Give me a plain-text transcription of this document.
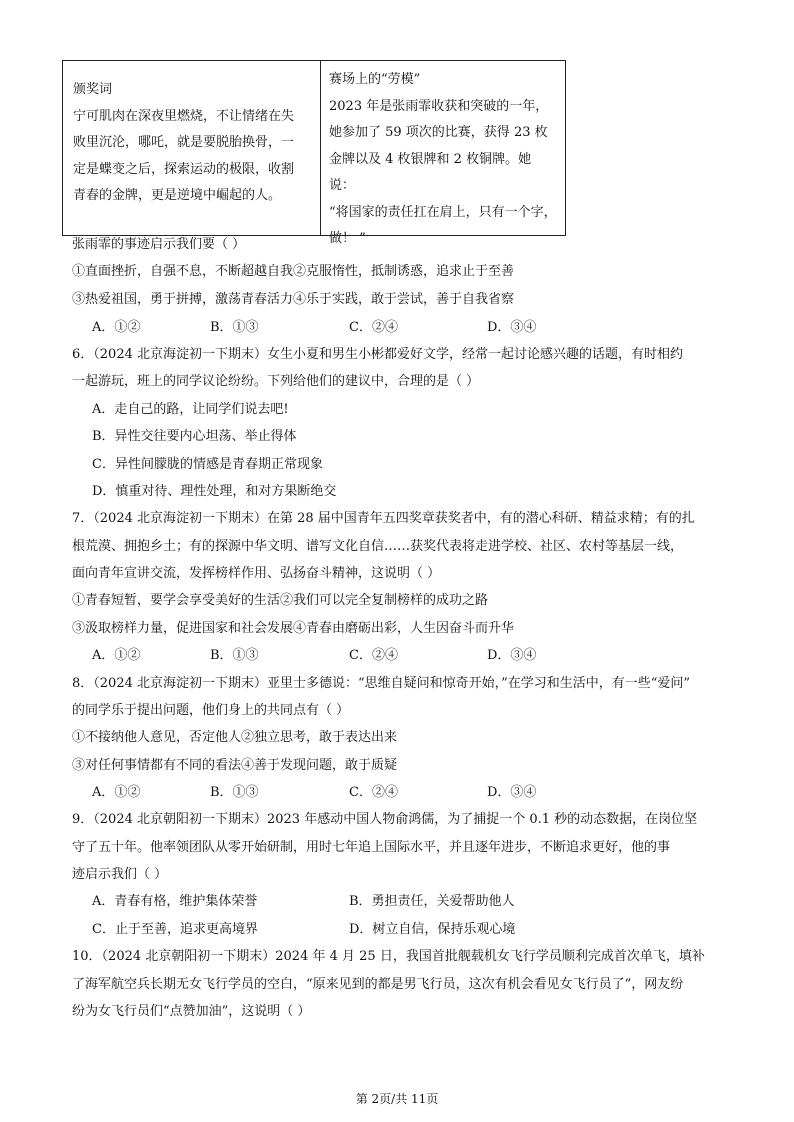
颁奖词

宁可肌肉在深夜里燃烧，不让情绪在失

败里沉沦，哪吒，就是要脱胎换骨，一

定是蝶变之后，探索运动的极限，收割

青春的金牌，更是逆境中崛起的人。

赛场上的“劳模”

2023 年是张雨霏收获和突破的一年，

她参加了 59 项次的比赛，获得 23 枚

金牌以及 4 枚银牌和 2 枚铜牌。她说：

“将国家的责任扛在肩上，只有一个字，

做！ ”

张雨霏的事迹启示我们要（ ）
①直面挫折，自强不息，不断超越自我②克服惰性，抵制诱惑，追求止于至善
③热爱祖国，勇于拼搏，激荡青春活力④乐于实践，敢于尝试，善于自我省察
A．①②	B．①③	C．②④	D．③④
6．（2024 北京海淀初一下期末）女生小夏和男生小彬都爱好文学，经常一起讨论感兴趣的话题，有时相约
一起游玩，班上的同学议论纷纷。下列给他们的建议中，合理的是（ ）
A．走自己的路，让同学们说去吧!
B．异性交往要内心坦荡、举止得体
C．异性间朦胧的情感是青春期正常现象
D．慎重对待、理性处理，和对方果断绝交
7．（2024 北京海淀初一下期末）在第 28 届中国青年五四奖章获奖者中，有的潜心科研、精益求精；有的扎
根荒漠、拥抱乡土；有的探源中华文明、谱写文化自信……获奖代表将走进学校、社区、农村等基层一线，
面向青年宣讲交流，发挥榜样作用、弘扬奋斗精神，这说明（ ）
①青春短暂，要学会享受美好的生活②我们可以完全复制榜样的成功之路
③汲取榜样力量，促进国家和社会发展④青春由磨砺出彩，人生因奋斗而升华
A．①②	B．①③	C．②④	D．③④
8．（2024 北京海淀初一下期末）亚里士多德说：“思维自疑问和惊奇开始，”在学习和生活中，有一些“爱问”
的同学乐于提出问题，他们身上的共同点有（ ）
①不接纳他人意见，否定他人②独立思考，敢于表达出来
③对任何事情都有不同的看法④善于发现问题，敢于质疑
A．①②	B．①③	C．②④	D．③④
9．（2024 北京朝阳初一下期末）2023 年感动中国人物俞鸿儒，为了捕捉一个 0.1 秒的动态数据，在岗位坚
守了五十年。他率领团队从零开始研制，用时七年追上国际水平，并且逐年进步，不断追求更好，他的事
迹启示我们（ ）
A．青春有格，维护集体荣誉	B．勇担责任，关爱帮助他人
C．止于至善，追求更高境界	D．树立自信，保持乐观心境
10．（2024 北京朝阳初一下期末）2024 年 4 月 25 日，我国首批舰载机女飞行学员顺利完成首次单飞，填补
了海军航空兵长期无女飞行学员的空白，“原来见到的都是男飞行员，这次有机会看见女飞行员了”，网友纷
纷为女飞行员们“点赞加油”，这说明（ ）
第 2页/共 11页
